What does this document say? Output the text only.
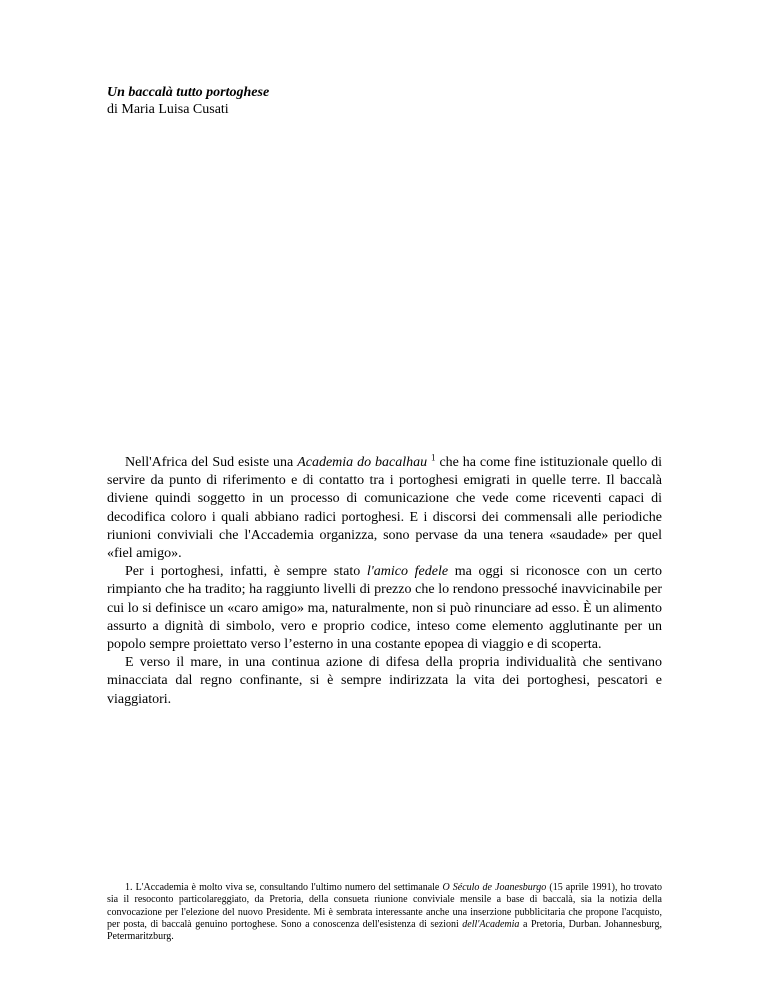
Un baccalà tutto portoghese
di Maria Luisa Cusati

Nell'Africa del Sud esiste una Academia do bacalhau $^1$ che ha come fine istituzionale quello di servire da punto di riferimento e di contatto tra i portoghesi emigrati in quelle terre. Il baccalà diviene quindi soggetto in un processo di comunicazione che vede come riceventi capaci di decodifica coloro i quali abbiano radici portoghesi. E i discorsi dei commensali alle periodiche riunioni conviviali che l'Accademia organizza, sono pervase da una tenera «saudade» per quel «fiel amigo».

Per i portoghesi, infatti, è sempre stato l'amico fedele ma oggi si riconosce con un certo rimpianto che ha tradito; ha raggiunto livelli di prezzo che lo rendono pressoché inavvicinabile per cui lo si definisce un «caro amigo» ma, naturalmente, non si può rinunciare ad esso. È un alimento assurto a dignità di simbolo, vero e proprio codice, inteso come elemento agglutinante per un popolo sempre proiettato verso l’esterno in una costante epopea di viaggio e di scoperta.

E verso il mare, in una continua azione di difesa della propria individualità che sentivano minacciata dal regno confinante, si è sempre indirizzata la vita dei portoghesi, pescatori e viaggiatori.

1. L'Accademia è molto viva se, consultando l'ultimo numero del settimanale O Século de Joanesburgo (15 aprile 1991), ho trovato sia il resoconto particolareggiato, da Pretoria, della consueta riunione conviviale mensile a base di baccalà, sia la notizia della convocazione per l'elezione del nuovo Presidente. Mi è sembrata interessante anche una inserzione pubblicitaria che propone l'acquisto, per posta, di baccalà genuino portoghese. Sono a conoscenza dell'esistenza di sezioni dell'Academia a Pretoria, Durban. Johannesburg, Petermaritzburg.
